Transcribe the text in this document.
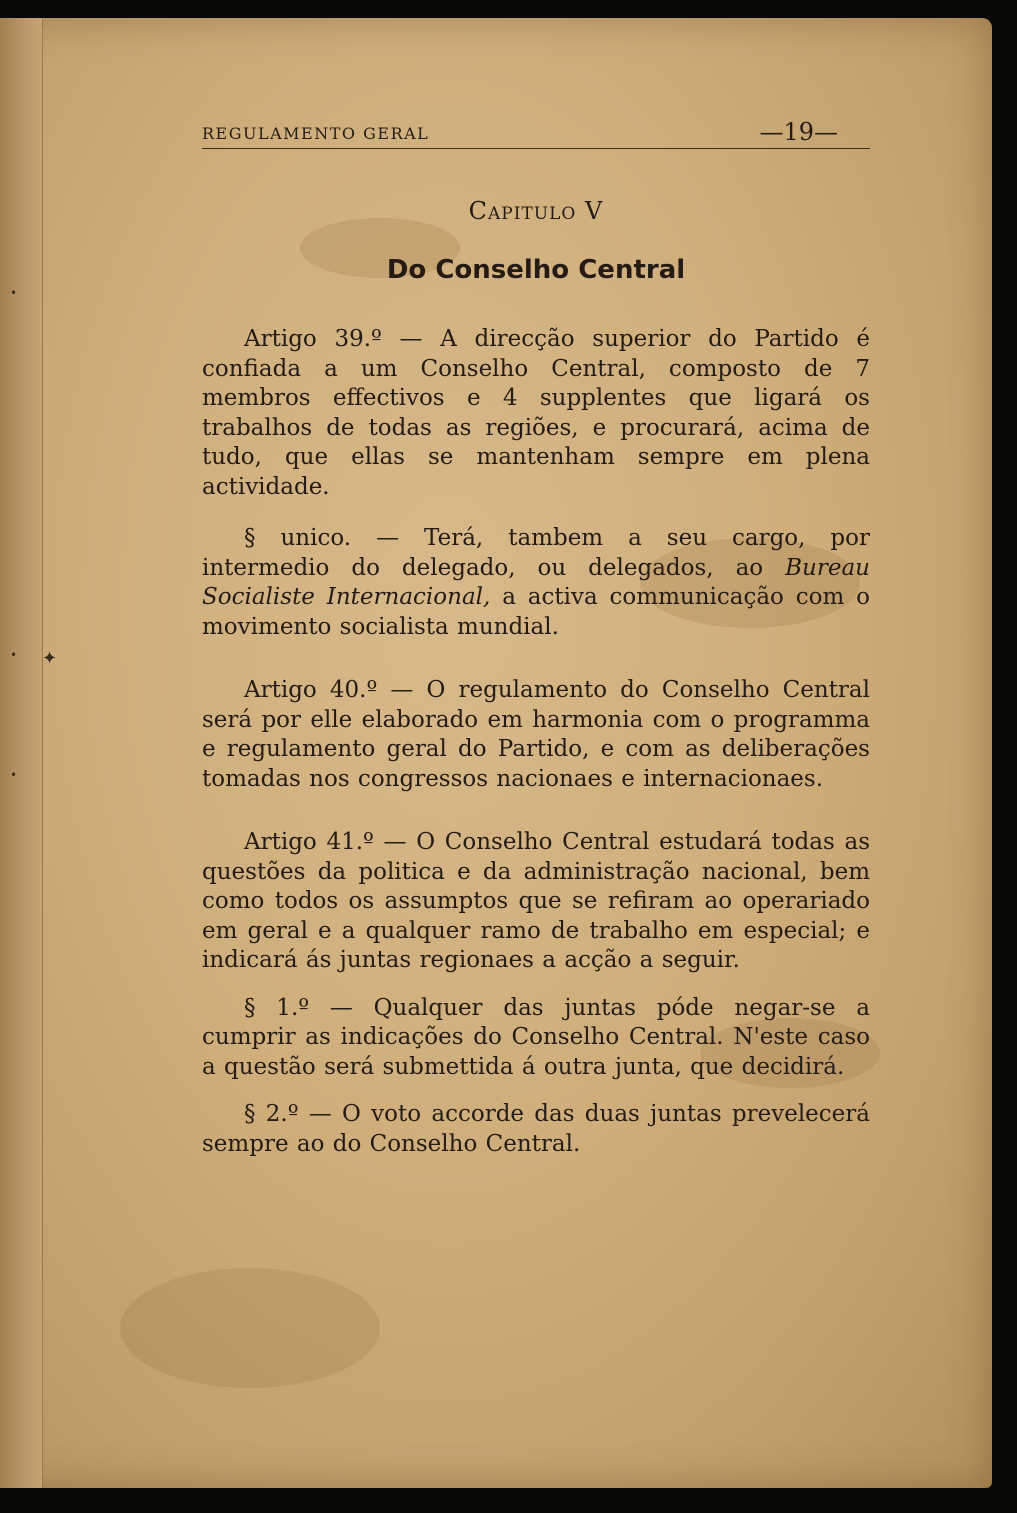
✦
•
•
•
REGULAMENTO GERAL	—19—
Capitulo V
Do Conselho Central

Artigo 39.º — A direcção superior do Partido é confiada a um Conselho Central, composto de 7 membros effectivos e 4 supplentes que ligará os trabalhos de todas as regiões, e procurará, acima de tudo, que ellas se mantenham sempre em plena actividade.

§ unico. — Terá, tambem a seu cargo, por intermedio do delegado, ou delegados, ao Bureau Socialiste Internacional, a activa communicação com o movimento socialista mundial.

Artigo 40.º — O regulamento do Conselho Central será por elle elaborado em harmonia com o programma e regulamento geral do Partido, e com as deliberações tomadas nos congressos nacionaes e internacionaes.

Artigo 41.º — O Conselho Central estudará todas as questões da politica e da administração nacional, bem como todos os assumptos que se refiram ao operariado em geral e a qualquer ramo de trabalho em especial; e indicará ás juntas regionaes a acção a seguir.

§ 1.º — Qualquer das juntas póde negar-se a cumprir as indicações do Conselho Central. N'este caso a questão será submettida á outra junta, que decidirá.

§ 2.º — O voto accorde das duas juntas prevelecerá sempre ao do Conselho Central.
